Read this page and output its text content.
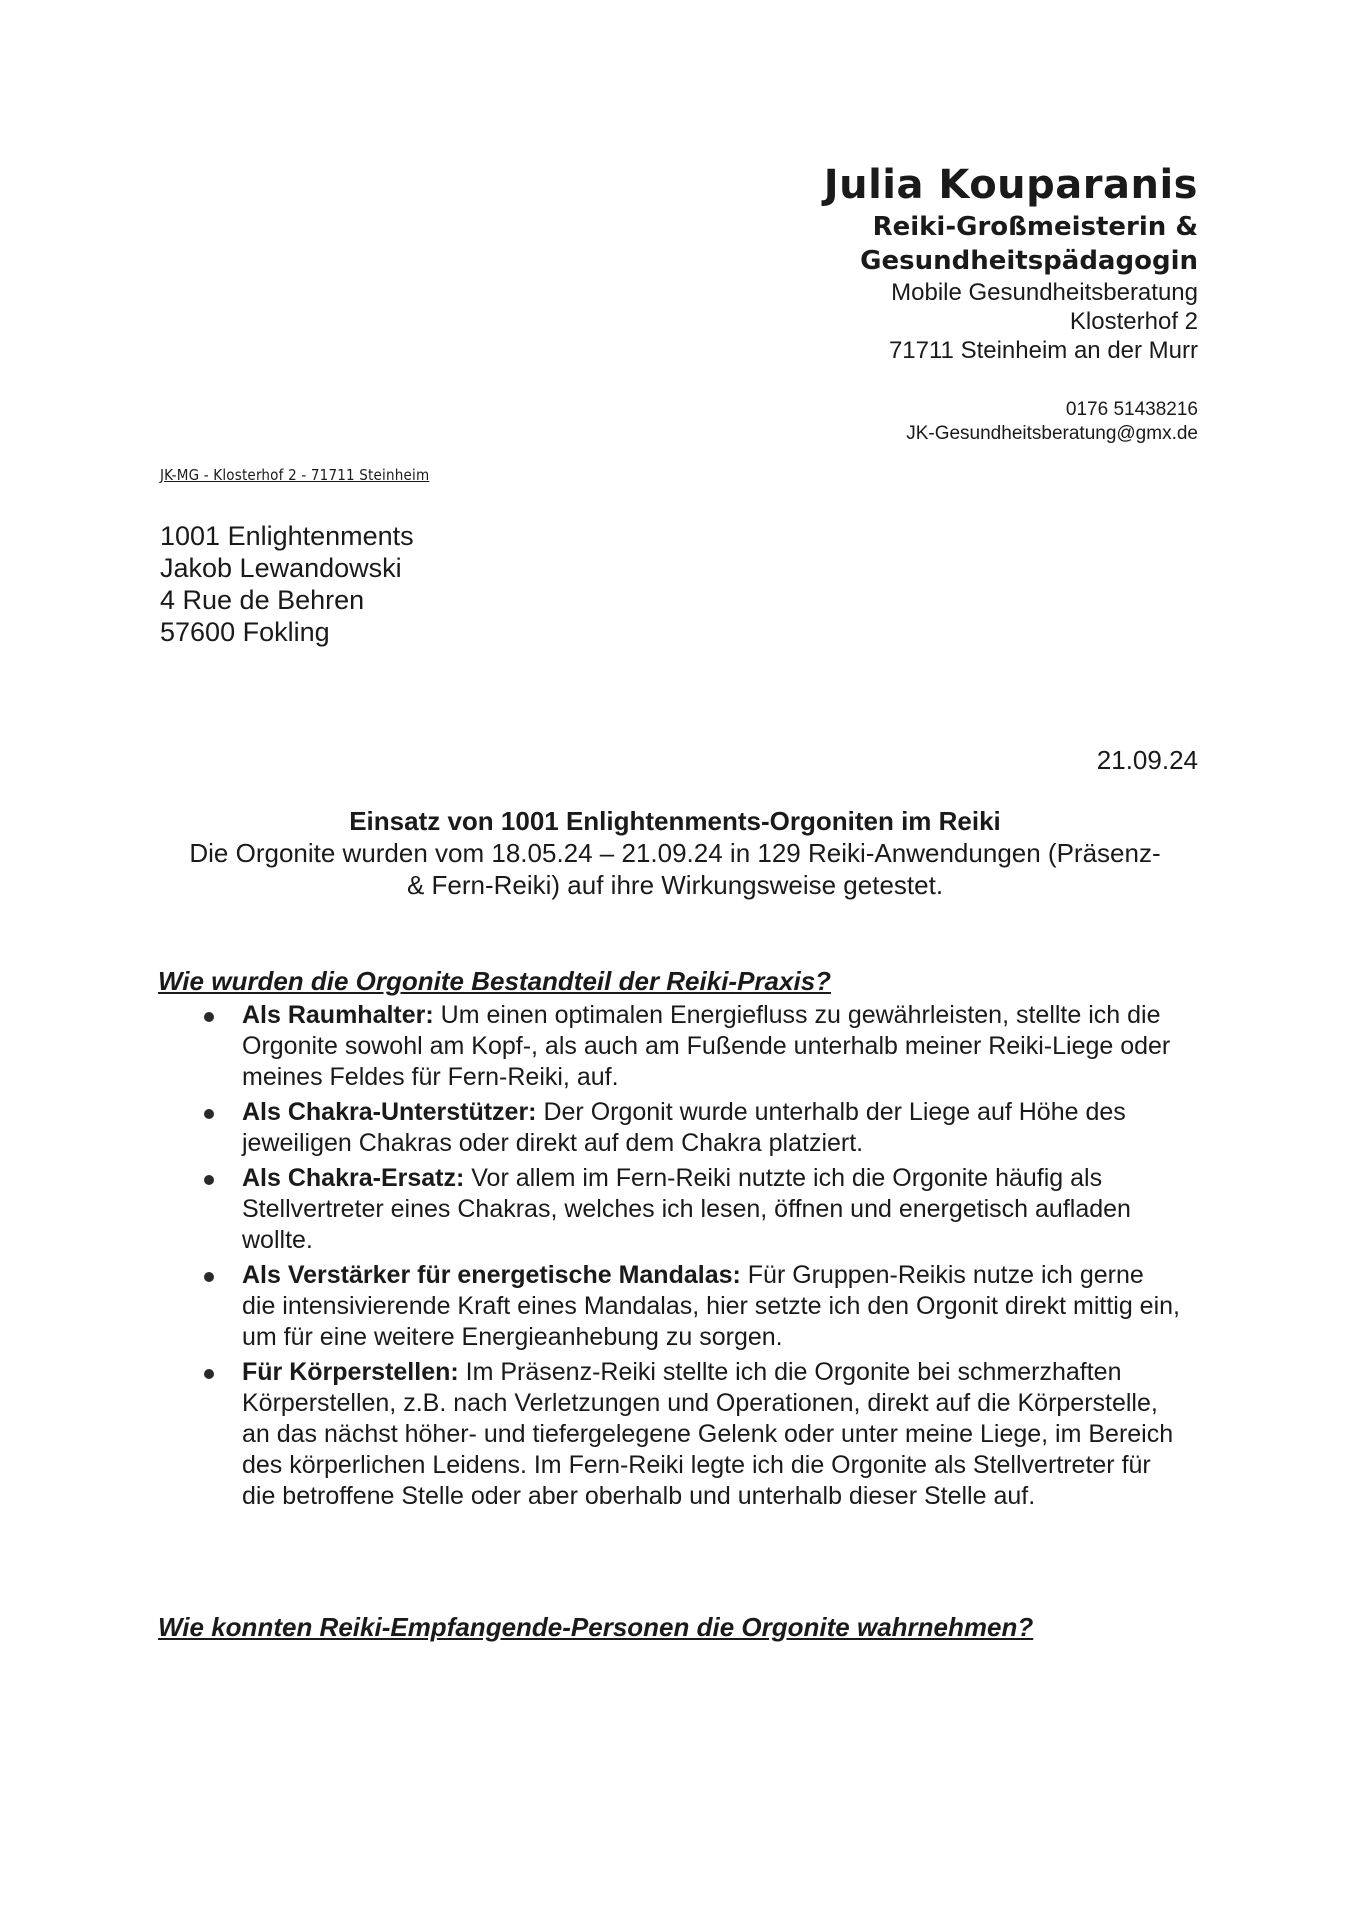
Julia Kouparanis
Reiki-Großmeisterin &
Gesundheitspädagogin
Mobile Gesundheitsberatung
Klosterhof 2
71711 Steinheim an der Murr
0176 51438216
JK-Gesundheitsberatung@gmx.de
JK-MG - Klosterhof 2 - 71711 Steinheim
1001 Enlightenments
Jakob Lewandowski
4 Rue de Behren
57600 Fokling
21.09.24
Einsatz von 1001 Enlightenments-Orgoniten im Reiki
Die Orgonite wurden vom 18.05.24 – 21.09.24 in 129 Reiki-Anwendungen (Präsenz-
& Fern-Reiki) auf ihre Wirkungsweise getestet.
Wie wurden die Orgonite Bestandteil der Reiki-Praxis?
Als Raumhalter: Um einen optimalen Energiefluss zu gewährleisten, stellte ich die Orgonite sowohl am Kopf-, als auch am Fußende unterhalb meiner Reiki-Liege oder meines Feldes für Fern-Reiki, auf.
Als Chakra-Unterstützer: Der Orgonit wurde unterhalb der Liege auf Höhe des jeweiligen Chakras oder direkt auf dem Chakra platziert.
Als Chakra-Ersatz: Vor allem im Fern-Reiki nutzte ich die Orgonite häufig als Stellvertreter eines Chakras, welches ich lesen, öffnen und energetisch aufladen wollte.
Als Verstärker für energetische Mandalas: Für Gruppen-Reikis nutze ich gerne die intensivierende Kraft eines Mandalas, hier setzte ich den Orgonit direkt mittig ein, um für eine weitere Energieanhebung zu sorgen.
Für Körperstellen: Im Präsenz-Reiki stellte ich die Orgonite bei schmerzhaften Körperstellen, z.B. nach Verletzungen und Operationen, direkt auf die Körperstelle, an das nächst höher- und tiefergelegene Gelenk oder unter meine Liege, im Bereich des körperlichen Leidens. Im Fern-Reiki legte ich die Orgonite als Stellvertreter für die betroffene Stelle oder aber oberhalb und unterhalb dieser Stelle auf.
Wie konnten Reiki-Empfangende-Personen die Orgonite wahrnehmen?
